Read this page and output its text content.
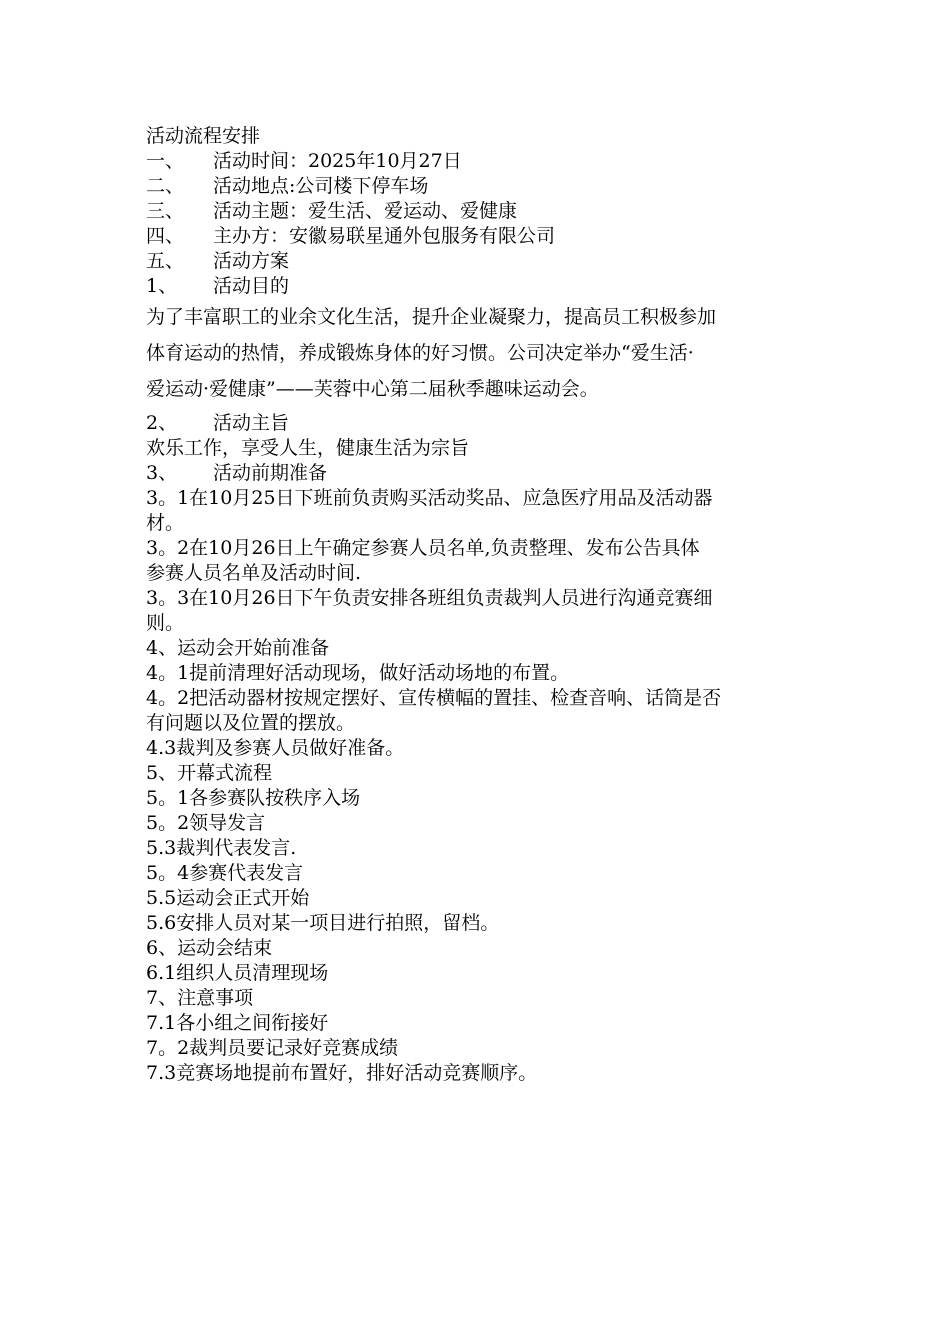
活动流程安排
一、	活动时间：2025年10月27日
二、	活动地点:公司楼下停车场
三、	活动主题：爱生活、爱运动、爱健康
四、	主办方：安徽易联星通外包服务有限公司
五、	活动方案
1、	活动目的
为了丰富职工的业余文化生活，提升企业凝聚力，提高员工积极参加
体育运动的热情，养成锻炼身体的好习惯。公司决定举办“爱生活·
爱运动·爱健康”——芙蓉中心第二届秋季趣味运动会。
2、	活动主旨
欢乐工作，享受人生，健康生活为宗旨
3、	活动前期准备
3。1在10月25日下班前负责购买活动奖品、应急医疗用品及活动器
材。
3。2在10月26日上午确定参赛人员名单,负责整理、发布公告具体
参赛人员名单及活动时间.
3。3在10月26日下午负责安排各班组负责裁判人员进行沟通竞赛细
则。
4、运动会开始前准备
4。1提前清理好活动现场，做好活动场地的布置。
4。2把活动器材按规定摆好、宣传横幅的置挂、检查音响、话筒是否
有问题以及位置的摆放。
4.3裁判及参赛人员做好准备。
5、开幕式流程
5。1各参赛队按秩序入场
5。2领导发言
5.3裁判代表发言.
5。4参赛代表发言
5.5运动会正式开始
5.6安排人员对某一项目进行拍照，留档。
6、运动会结束
6.1组织人员清理现场
7、注意事项
7.1各小组之间衔接好
7。2裁判员要记录好竞赛成绩
7.3竞赛场地提前布置好，排好活动竞赛顺序。
